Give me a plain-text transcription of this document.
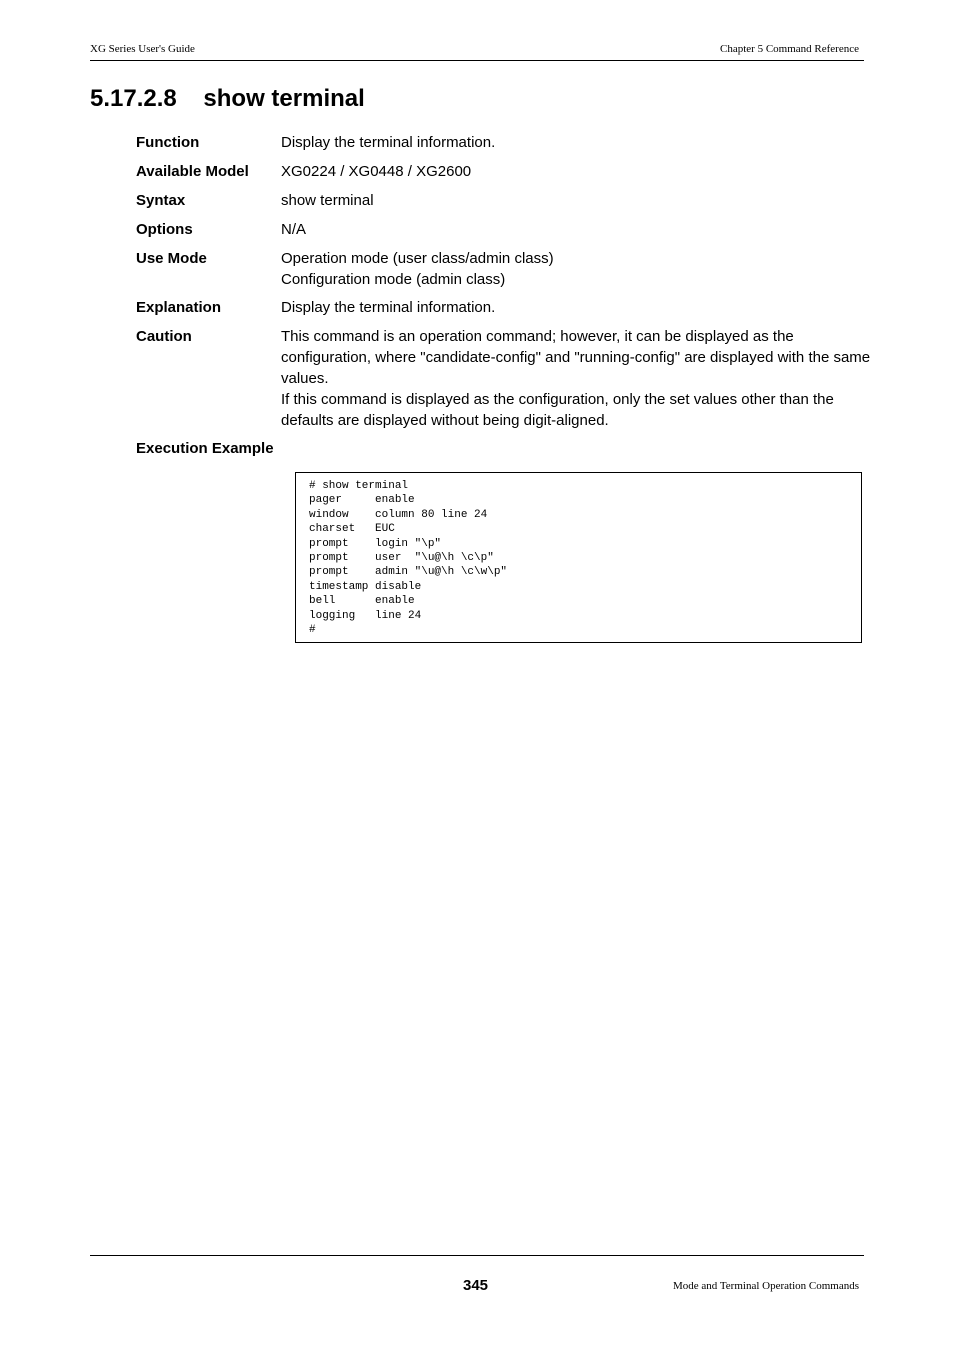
XG Series User's Guide	Chapter 5 Command Reference
5.17.2.8 show terminal
Function	Display the terminal information.
Available Model XG0224 / XG0448 / XG2600
Syntax	show terminal
Options	N/A
Use Mode	Operation mode (user class/admin class)
Configuration mode (admin class)
Explanation	Display the terminal information.
Caution	This command is an operation command; however, it can be displayed as the
configuration, where "candidate-config" and "running-config" are displayed with the same
values.
If this command is displayed as the configuration, only the set values other than the
defaults are displayed without being digit-aligned.
Execution Example
# show terminal
pager     enable
window    column 80 line 24
charset   EUC
prompt    login "\p"
prompt    user  "\u@\h \c\p"
prompt    admin "\u@\h \c\w\p"
timestamp disable
bell      enable
logging   line 24
#
345	Mode and Terminal Operation Commands
